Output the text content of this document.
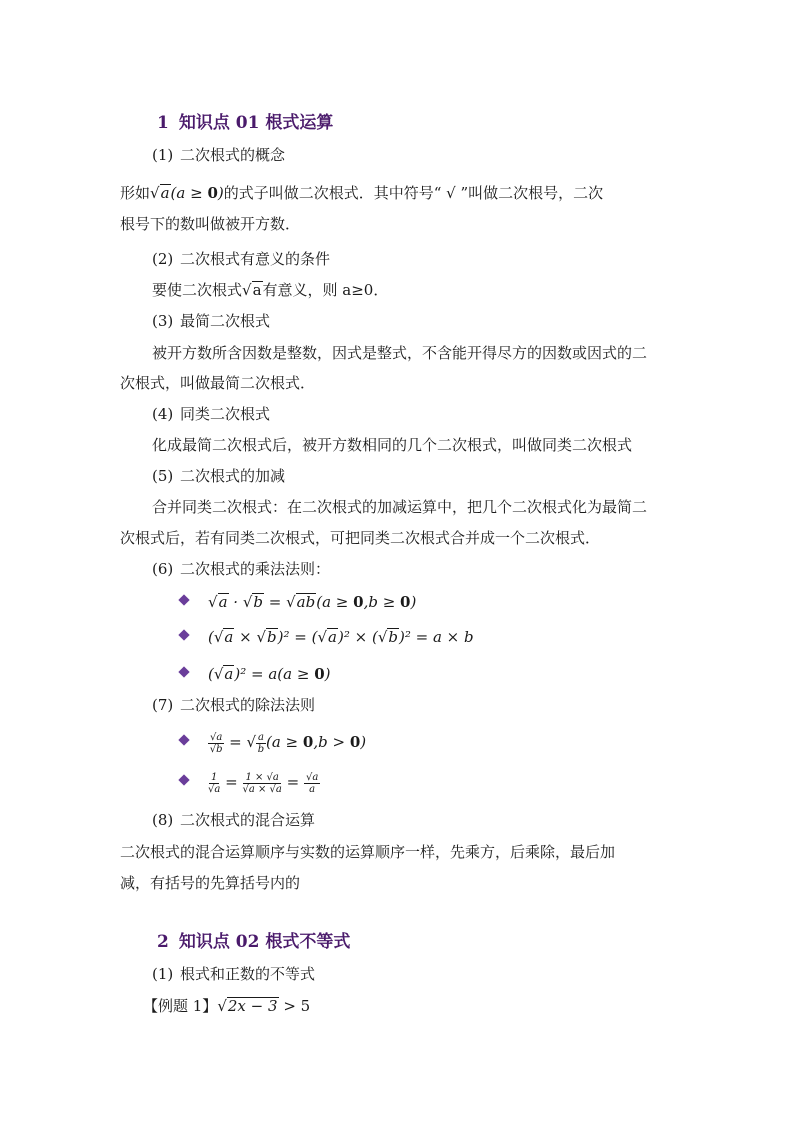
1 知识点 01 根式运算
(1) 二次根式的概念
形如√a(a ≥ 0)的式子叫做二次根式．其中符号“ √ ”叫做二次根号，二次
根号下的数叫做被开方数．
(2) 二次根式有意义的条件
要使二次根式√a有意义，则 a≥0．
(3) 最简二次根式
被开方数所含因数是整数，因式是整式，不含能开得尽方的因数或因式的二
次根式，叫做最简二次根式．
(4) 同类二次根式
化成最简二次根式后，被开方数相同的几个二次根式，叫做同类二次根式
(5) 二次根式的加减
合并同类二次根式：在二次根式的加减运算中，把几个二次根式化为最简二
次根式后，若有同类二次根式，可把同类二次根式合并成一个二次根式．
(6) 二次根式的乘法法则：
√a · √b = √ab(a ≥ 0,b ≥ 0)
(√a × √b)² = (√a)² × (√b)² = a × b
(√a)² = a(a ≥ 0)
(7) 二次根式的除法法则
$\frac{√a}{√b}$ = √ $\frac{a}{b} (a \ge 0,b > 0)$
$\frac{1}{√a} = \frac{1 \times √a}{√a \times √a} = \frac{√a}{a}$
(8) 二次根式的混合运算
二次根式的混合运算顺序与实数的运算顺序一样，先乘方，后乘除，最后加
减，有括号的先算括号内的
2 知识点 02 根式不等式
(1) 根式和正数的不等式
【例题 1】√2x − 3 > 5
